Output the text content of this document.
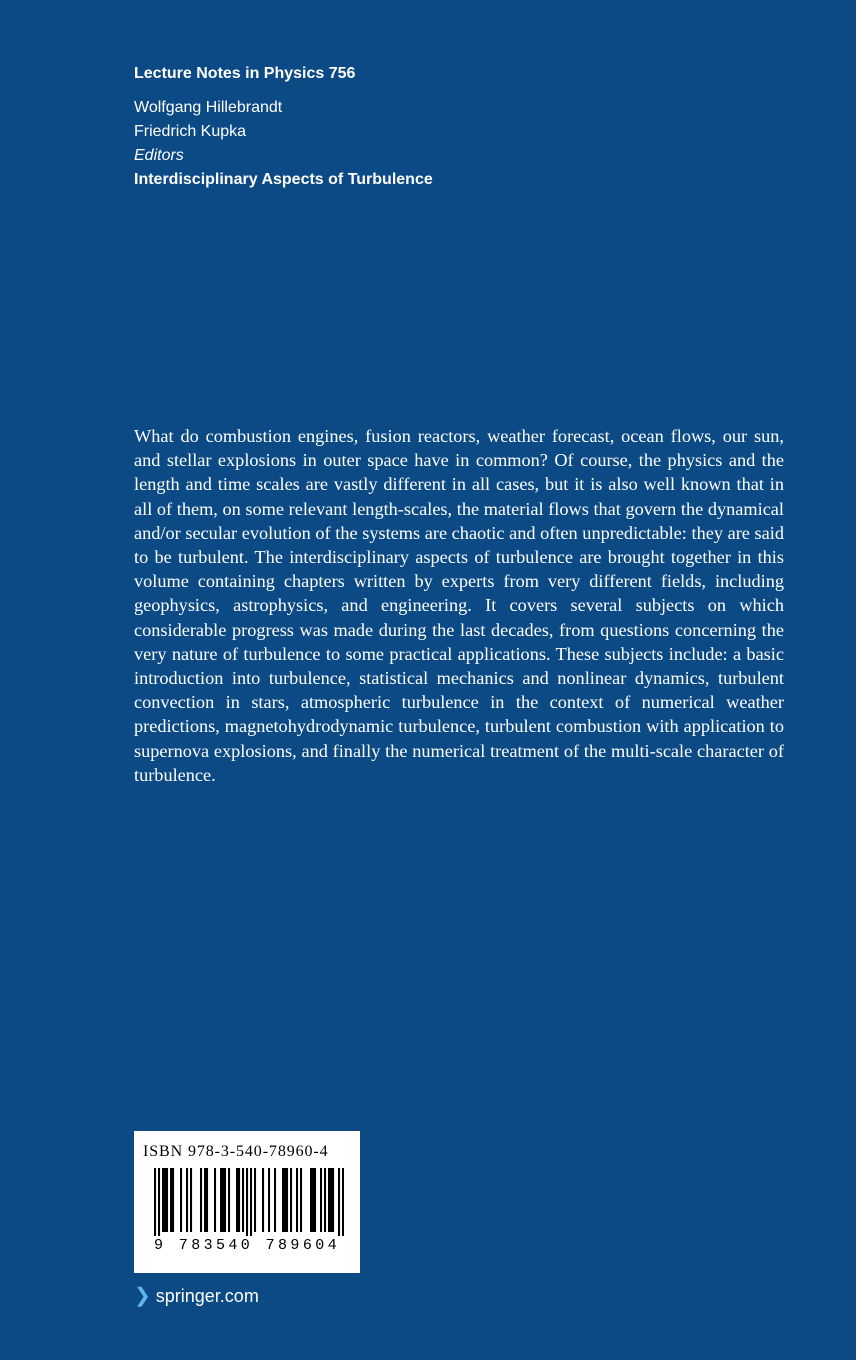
Lecture Notes in Physics 756
Wolfgang Hillebrandt
Friedrich Kupka
Editors
Interdisciplinary Aspects of Turbulence

What do combustion engines, fusion reactors, weather forecast, ocean flows, our sun, and stellar explosions in outer space have in common? Of course, the physics and the length and time scales are vastly different in all cases, but it is also well known that in all of them, on some relevant length-scales, the material flows that govern the dynamical and/or secular evolution of the systems are chaotic and often unpredictable: they are said to be turbulent. The interdisciplinary aspects of turbulence are brought together in this volume containing chapters written by experts from very different fields, including geophysics, astrophysics, and engineering. It covers several subjects on which considerable progress was made during the last decades, from questions concerning the very nature of turbulence to some practical applications. These subjects include: a basic introduction into turbulence, statistical mechanics and nonlinear dynamics, turbulent convection in stars, atmospheric turbulence in the context of numerical weather predictions, magnetohydrodynamic turbulence, turbulent combustion with application to supernova explosions, and finally the numerical treatment of the multi-scale character of turbulence.

ISBN 978-3-540-78960-4
9 783540 789604
❯ springer.com
